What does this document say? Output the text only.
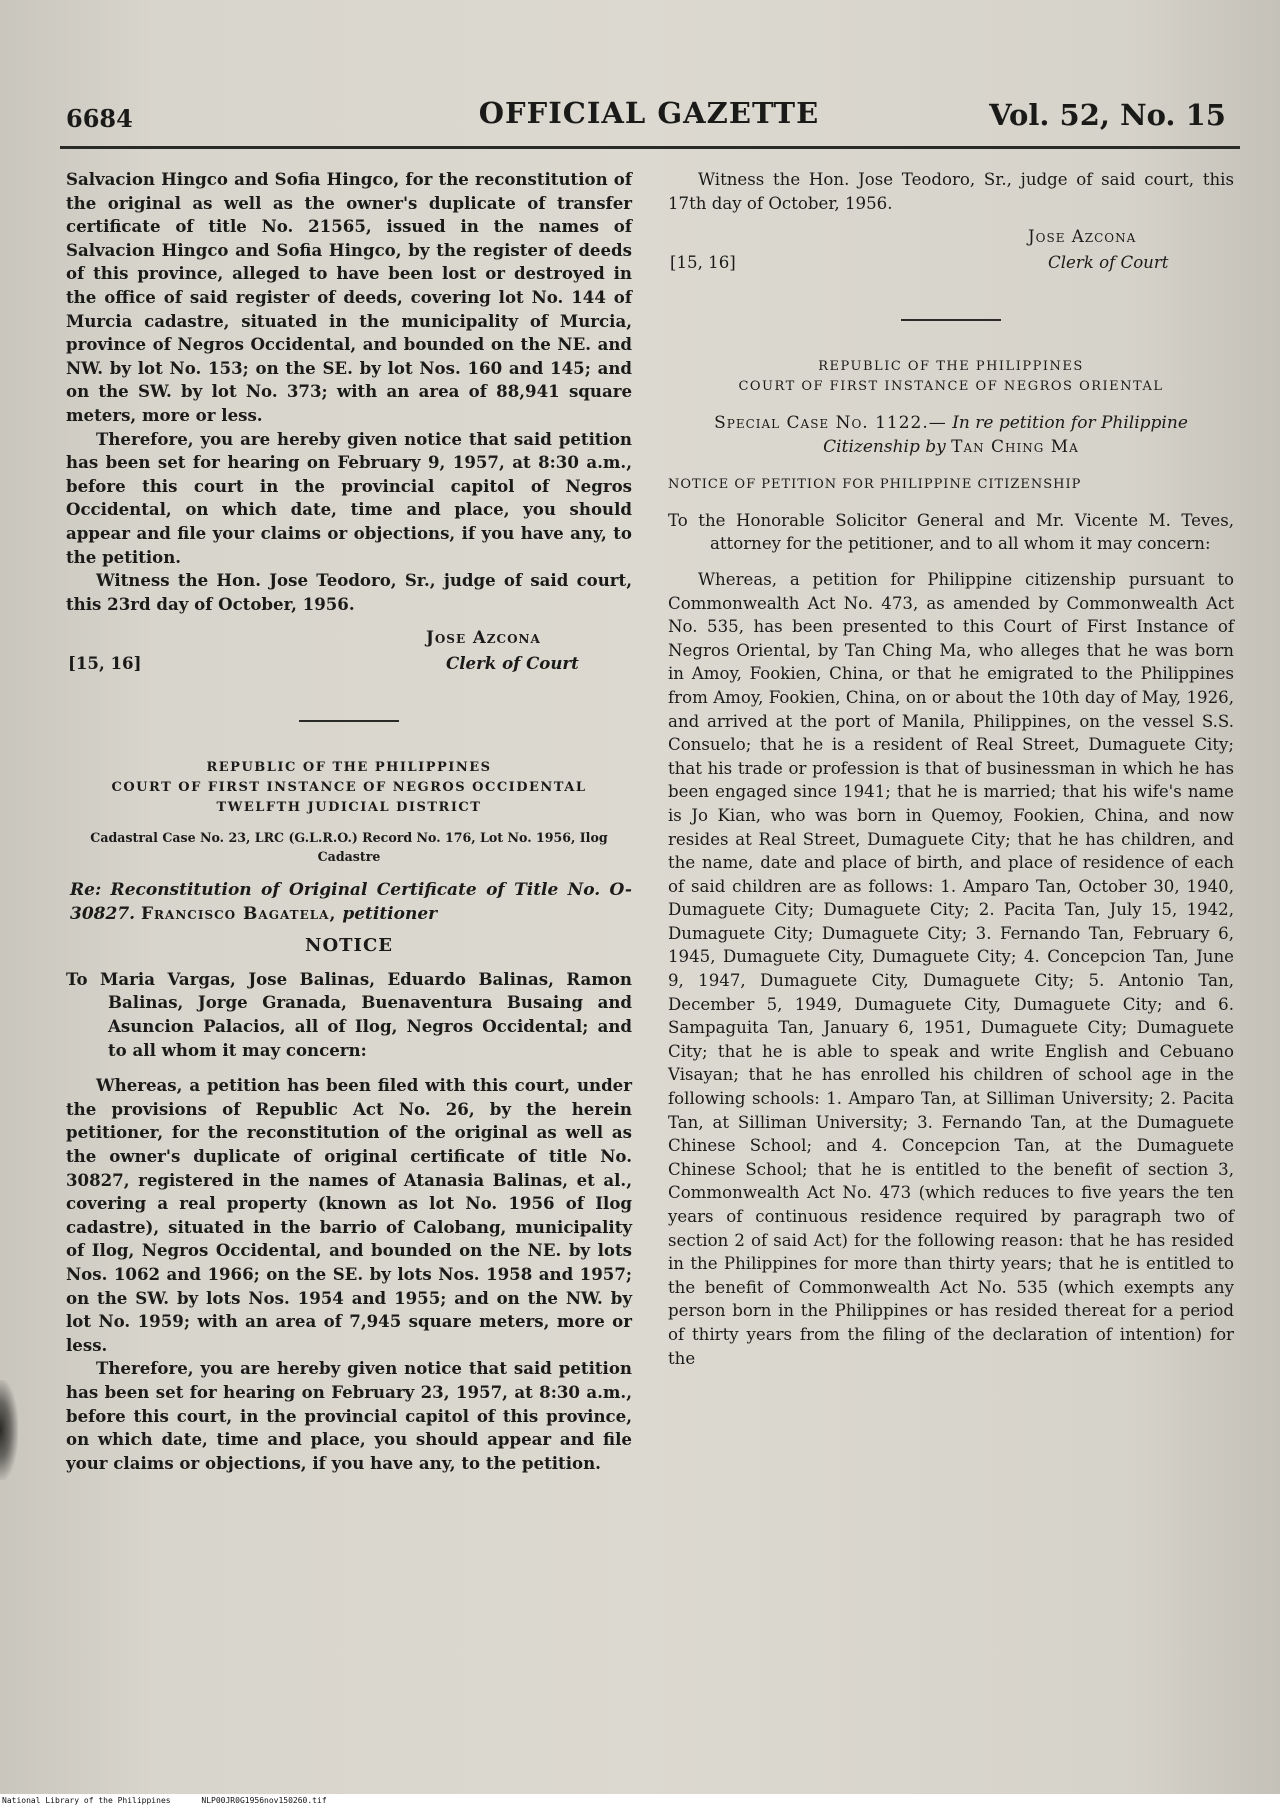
6684	OFFICIAL GAZETTE	Vol. 52, No. 15

Salvacion Hingco and Sofia Hingco, for the reconstitution of the original as well as the owner's duplicate of transfer certificate of title No. 21565, issued in the names of Salvacion Hingco and Sofia Hingco, by the register of deeds of this province, alleged to have been lost or destroyed in the office of said register of deeds, covering lot No. 144 of Murcia cadastre, situated in the municipality of Murcia, province of Negros Occidental, and bounded on the NE. and NW. by lot No. 153; on the SE. by lot Nos. 160 and 145; and on the SW. by lot No. 373; with an area of 88,941 square meters, more or less.

Therefore, you are hereby given notice that said petition has been set for hearing on February 9, 1957, at 8:30 a.m., before this court in the provincial capitol of Negros Occidental, on which date, time and place, you should appear and file your claims or objections, if you have any, to the petition.

Witness the Hon. Jose Teodoro, Sr., judge of said court, this 23rd day of October, 1956.

[15, 16]
Jose Azcona
Clerk of Court
REPUBLIC OF THE PHILIPPINES
COURT OF FIRST INSTANCE OF NEGROS OCCIDENTAL
TWELFTH JUDICIAL DISTRICT
Cadastral Case No. 23, LRC (G.L.R.O.) Record No. 176, Lot No. 1956, Ilog Cadastre
Re: Reconstitution of Original Certificate of Title No. O-30827. Francisco Bagatela, petitioner
NOTICE
To Maria Vargas, Jose Balinas, Eduardo Balinas, Ramon Balinas, Jorge Granada, Buenaventura Busaing and Asuncion Palacios, all of Ilog, Negros Occidental; and to all whom it may concern:

Whereas, a petition has been filed with this court, under the provisions of Republic Act No. 26, by the herein petitioner, for the reconstitution of the original as well as the owner's duplicate of original certificate of title No. 30827, registered in the names of Atanasia Balinas, et al., covering a real property (known as lot No. 1956 of Ilog cadastre), situated in the barrio of Calobang, municipality of Ilog, Negros Occidental, and bounded on the NE. by lots Nos. 1062 and 1966; on the SE. by lots Nos. 1958 and 1957; on the SW. by lots Nos. 1954 and 1955; and on the NW. by lot No. 1959; with an area of 7,945 square meters, more or less.

Therefore, you are hereby given notice that said petition has been set for hearing on February 23, 1957, at 8:30 a.m., before this court, in the provincial capitol of this province, on which date, time and place, you should appear and file your claims or objections, if you have any, to the petition.

Witness the Hon. Jose Teodoro, Sr., judge of said court, this 17th day of October, 1956.

[15, 16]
Jose Azcona
Clerk of Court
REPUBLIC OF THE PHILIPPINES
COURT OF FIRST INSTANCE OF NEGROS ORIENTAL
Special Case No. 1122.— In re petition for Philippine Citizenship by Tan Ching Ma
NOTICE OF PETITION FOR PHILIPPINE CITIZENSHIP
To the Honorable Solicitor General and Mr. Vicente M. Teves, attorney for the petitioner, and to all whom it may concern:

Whereas, a petition for Philippine citizenship pursuant to Commonwealth Act No. 473, as amended by Commonwealth Act No. 535, has been presented to this Court of First Instance of Negros Oriental, by Tan Ching Ma, who alleges that he was born in Amoy, Fookien, China, or that he emigrated to the Philippines from Amoy, Fookien, China, on or about the 10th day of May, 1926, and arrived at the port of Manila, Philippines, on the vessel S.S. Consuelo; that he is a resident of Real Street, Dumaguete City; that his trade or profession is that of businessman in which he has been engaged since 1941; that he is married; that his wife's name is Jo Kian, who was born in Quemoy, Fookien, China, and now resides at Real Street, Dumaguete City; that he has children, and the name, date and place of birth, and place of residence of each of said children are as follows: 1. Amparo Tan, October 30, 1940, Dumaguete City; Dumaguete City; 2. Pacita Tan, July 15, 1942, Dumaguete City; Dumaguete City; 3. Fernando Tan, February 6, 1945, Dumaguete City, Dumaguete City; 4. Concepcion Tan, June 9, 1947, Dumaguete City, Dumaguete City; 5. Antonio Tan, December 5, 1949, Dumaguete City, Dumaguete City; and 6. Sampaguita Tan, January 6, 1951, Dumaguete City; Dumaguete City; that he is able to speak and write English and Cebuano Visayan; that he has enrolled his children of school age in the following schools: 1. Amparo Tan, at Silliman University; 2. Pacita Tan, at Silliman University; 3. Fernando Tan, at the Dumaguete Chinese School; and 4. Concepcion Tan, at the Dumaguete Chinese School; that he is entitled to the benefit of section 3, Commonwealth Act No. 473 (which reduces to five years the ten years of continuous residence required by paragraph two of section 2 of said Act) for the following reason: that he has resided in the Philippines for more than thirty years; that he is entitled to the benefit of Commonwealth Act No. 535 (which exempts any person born in the Philippines or has resided thereat for a period of thirty years from the filing of the declaration of intention) for the

National Library of the Philippines	NLP00JR0G1956nov150260.tif
